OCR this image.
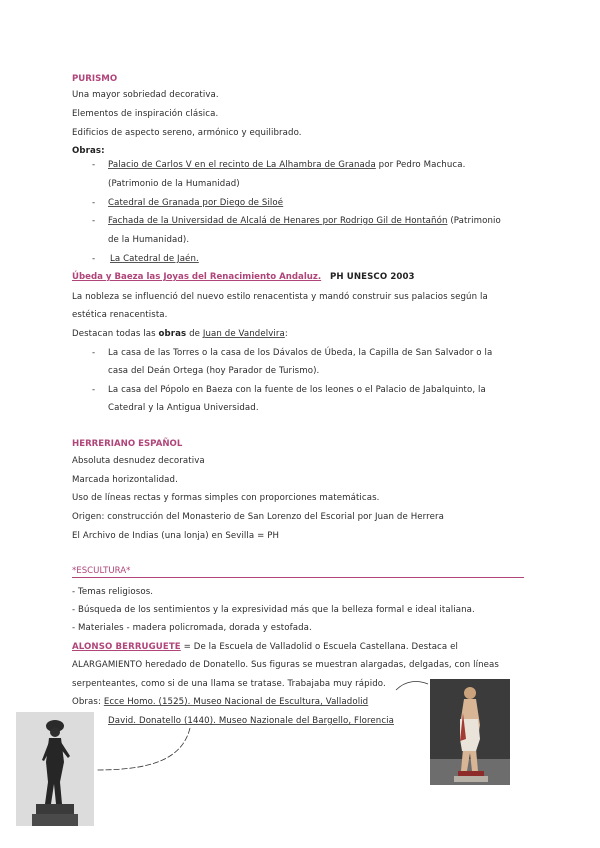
PURISMO
Una mayor sobriedad decorativa.
Elementos de inspiración clásica.
Edificios de aspecto sereno, armónico y equilibrado.
Obras:
- Palacio de Carlos V en el recinto de La Alhambra de Granada por Pedro Machuca.
(Patrimonio de la Humanidad)
- Catedral de Granada por Diego de Siloé
- Fachada de la Universidad de Alcalá de Henares por Rodrigo Gil de Hontañón (Patrimonio
de la Humanidad).
- La Catedral de Jaén.
Úbeda y Baeza las Joyas del Renacimiento Andaluz. PH UNESCO 2003
La nobleza se influenció del nuevo estilo renacentista y mandó construir sus palacios según la
estética renacentista.
Destacan todas las obras de Juan de Vandelvira:
- La casa de las Torres o la casa de los Dávalos de Úbeda, la Capilla de San Salvador o la
casa del Deán Ortega (hoy Parador de Turismo).
- La casa del Pópolo en Baeza con la fuente de los leones o el Palacio de Jabalquinto, la
Catedral y la Antigua Universidad.
HERRERIANO ESPAÑOL
Absoluta desnudez decorativa
Marcada horizontalidad.
Uso de líneas rectas y formas simples con proporciones matemáticas.
Origen: construcción del Monasterio de San Lorenzo del Escorial por Juan de Herrera
El Archivo de Indias (una lonja) en Sevilla = PH
*ESCULTURA*
- Temas religiosos.
- Búsqueda de los sentimientos y la expresividad más que la belleza formal e ideal italiana.
- Materiales - madera policromada, dorada y estofada.
ALONSO BERRUGUETE = De la Escuela de Valladolid o Escuela Castellana. Destaca el
ALARGAMIENTO heredado de Donatello. Sus figuras se muestran alargadas, delgadas, con líneas
serpenteantes, como si de una llama se tratase. Trabajaba muy rápido.
Obras: Ecce Homo. (1525). Museo Nacional de Escultura, Valladolid
David. Donatello (1440). Museo Nazionale del Bargello, Florencia
